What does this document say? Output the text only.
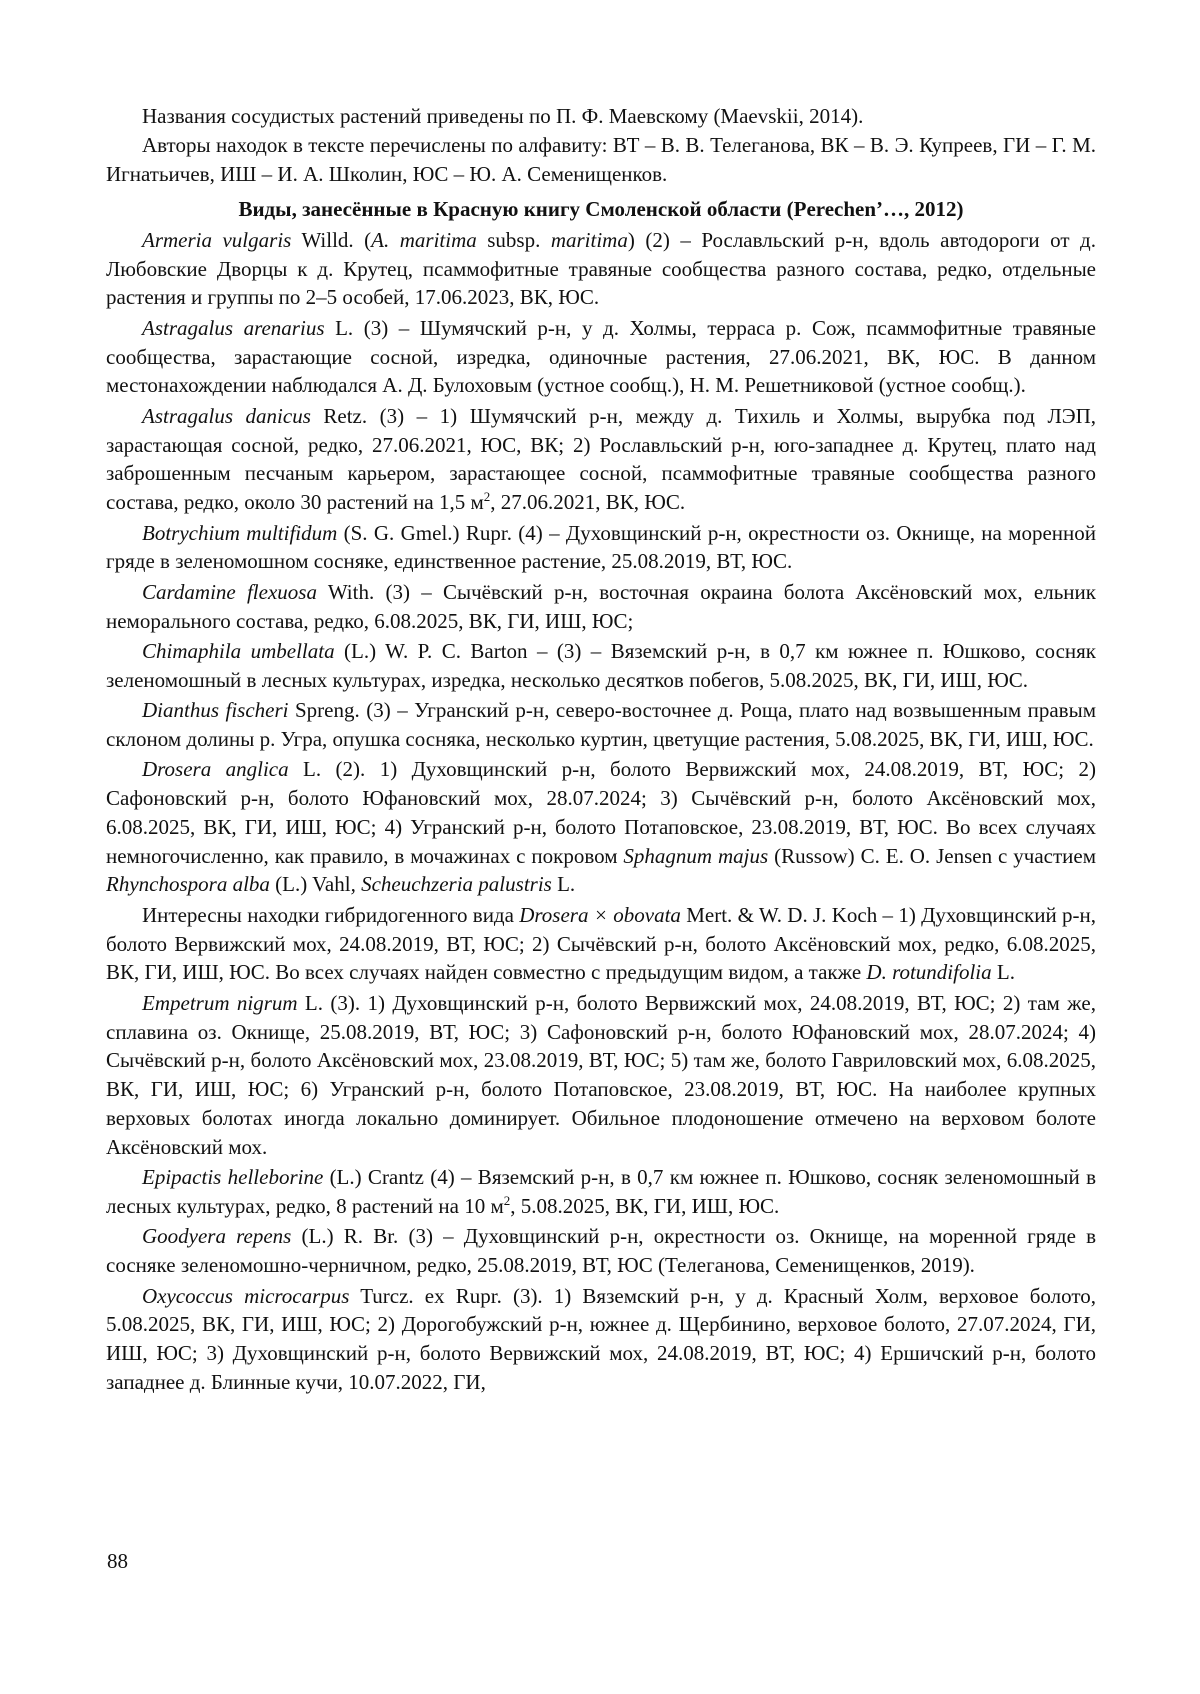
Названия сосудистых растений приведены по П. Ф. Маевскому (Maevskii, 2014).

Авторы находок в тексте перечислены по алфавиту: ВТ – В. В. Телеганова, ВК – В. Э. Купреев, ГИ – Г. М. Игнатьичев, ИШ – И. А. Школин, ЮС – Ю. А. Семенищенков.

Виды, занесённые в Красную книгу Смоленской области (Perechen’…, 2012)

Armeria vulgaris Willd. (A. maritima subsp. maritima) (2) – Рославльский р-н, вдоль автодороги от д. Любовские Дворцы к д. Крутец, псаммофитные травяные сообщества разного состава, редко, отдельные растения и группы по 2–5 особей, 17.06.2023, ВК, ЮС.

Astragalus arenarius L. (3) – Шумячский р-н, у д. Холмы, терраса р. Сож, псаммофитные травяные сообщества, зарастающие сосной, изредка, одиночные растения, 27.06.2021, ВК, ЮС. В данном местонахождении наблюдался А. Д. Булоховым (устное сообщ.), Н. М. Решетниковой (устное сообщ.).

Astragalus danicus Retz. (3) – 1) Шумячский р-н, между д. Тихиль и Холмы, вырубка под ЛЭП, зарастающая сосной, редко, 27.06.2021, ЮС, ВК; 2) Рославльский р-н, юго-западнее д. Крутец, плато над заброшенным песчаным карьером, зарастающее сосной, псаммофитные травяные сообщества разного состава, редко, около 30 растений на 1,5 м2, 27.06.2021, ВК, ЮС.

Botrychium multifidum (S. G. Gmel.) Rupr. (4) – Духовщинский р-н, окрестности оз. Окнище, на моренной гряде в зеленомошном сосняке, единственное растение, 25.08.2019, ВТ, ЮС.

Cardamine flexuosa With. (3) – Сычёвский р-н, восточная окраина болота Аксёновский мох, ельник неморального состава, редко, 6.08.2025, ВК, ГИ, ИШ, ЮС;

Chimaphila umbellata (L.) W. P. C. Barton – (3) – Вяземский р-н, в 0,7 км южнее п. Юшково, сосняк зеленомошный в лесных культурах, изредка, несколько десятков побегов, 5.08.2025, ВК, ГИ, ИШ, ЮС.

Dianthus fischeri Spreng. (3) – Угранский р-н, северо-восточнее д. Роща, плато над возвышенным правым склоном долины р. Угра, опушка сосняка, несколько куртин, цветущие растения, 5.08.2025, ВК, ГИ, ИШ, ЮС.

Drosera anglica L. (2). 1) Духовщинский р-н, болото Вервижский мох, 24.08.2019, ВТ, ЮС; 2) Сафоновский р-н, болото Юфановский мох, 28.07.2024; 3) Сычёвский р-н, болото Аксёновский мох, 6.08.2025, ВК, ГИ, ИШ, ЮС; 4) Угранский р-н, болото Потаповское, 23.08.2019, ВТ, ЮС. Во всех случаях немногочисленно, как правило, в мочажинах с покровом Sphagnum majus (Russow) C. E. O. Jensen с участием Rhynchospora alba (L.) Vahl, Scheuchzeria palustris L.

Интересны находки гибридогенного вида Drosera × obovata Mert. & W. D. J. Koch – 1) Духовщинский р-н, болото Вервижский мох, 24.08.2019, ВТ, ЮС; 2) Сычёвский р-н, болото Аксёновский мох, редко, 6.08.2025, ВК, ГИ, ИШ, ЮС. Во всех случаях найден совместно с предыдущим видом, а также D. rotundifolia L.

Empetrum nigrum L. (3). 1) Духовщинский р-н, болото Вервижский мох, 24.08.2019, ВТ, ЮС; 2) там же, сплавина оз. Окнище, 25.08.2019, ВТ, ЮС; 3) Сафоновский р-н, болото Юфановский мох, 28.07.2024; 4) Сычёвский р-н, болото Аксёновский мох, 23.08.2019, ВТ, ЮС; 5) там же, болото Гавриловский мох, 6.08.2025, ВК, ГИ, ИШ, ЮС; 6) Угранский р-н, болото Потаповское, 23.08.2019, ВТ, ЮС. На наиболее крупных верховых болотах иногда локально доминирует. Обильное плодоношение отмечено на верховом болоте Аксёновский мох.

Epipactis helleborine (L.) Crantz (4) – Вяземский р-н, в 0,7 км южнее п. Юшково, сосняк зеленомошный в лесных культурах, редко, 8 растений на 10 м2, 5.08.2025, ВК, ГИ, ИШ, ЮС.

Goodyera repens (L.) R. Br. (3) – Духовщинский р-н, окрестности оз. Окнище, на моренной гряде в сосняке зеленомошно-черничном, редко, 25.08.2019, ВТ, ЮС (Телеганова, Семенищенков, 2019).

Oxycoccus microcarpus Turcz. ex Rupr. (3). 1) Вяземский р-н, у д. Красный Холм, верховое болото, 5.08.2025, ВК, ГИ, ИШ, ЮС; 2) Дорогобужский р-н, южнее д. Щербинино, верховое болото, 27.07.2024, ГИ, ИШ, ЮС; 3) Духовщинский р-н, болото Вервижский мох, 24.08.2019, ВТ, ЮС; 4) Ершичский р-н, болото западнее д. Блинные кучи, 10.07.2022, ГИ,

88
